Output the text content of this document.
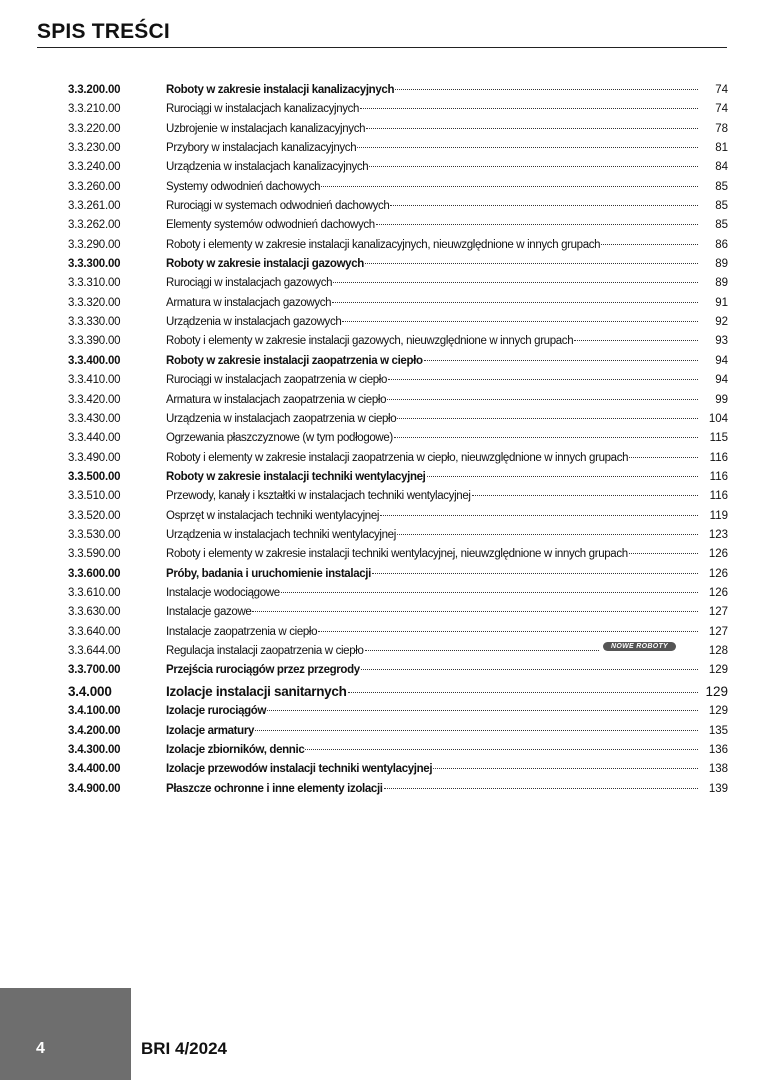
SPIS TREŚCI
3.3.200.00	Roboty w zakresie instalacji kanalizacyjnych	74
3.3.210.00	Rurociągi w instalacjach kanalizacyjnych	74
3.3.220.00	Uzbrojenie w instalacjach kanalizacyjnych	78
3.3.230.00	Przybory w instalacjach kanalizacyjnych	81
3.3.240.00	Urządzenia w instalacjach kanalizacyjnych	84
3.3.260.00	Systemy odwodnień dachowych	85
3.3.261.00	Rurociągi w systemach odwodnień dachowych	85
3.3.262.00	Elementy systemów odwodnień dachowych	85
3.3.290.00	Roboty i elementy w zakresie instalacji kanalizacyjnych, nieuwzględnione w innych grupach	86
3.3.300.00	Roboty w zakresie instalacji gazowych	89
3.3.310.00	Rurociągi w instalacjach gazowych	89
3.3.320.00	Armatura w instalacjach gazowych	91
3.3.330.00	Urządzenia w instalacjach gazowych	92
3.3.390.00	Roboty i elementy w zakresie instalacji gazowych, nieuwzględnione w innych grupach	93
3.3.400.00	Roboty w zakresie instalacji zaopatrzenia w ciepło	94
3.3.410.00	Rurociągi w instalacjach zaopatrzenia w ciepło	94
3.3.420.00	Armatura w instalacjach zaopatrzenia w ciepło	99
3.3.430.00	Urządzenia w instalacjach zaopatrzenia w ciepło	104
3.3.440.00	Ogrzewania płaszczyznowe (w tym podłogowe)	115
3.3.490.00	Roboty i elementy w zakresie instalacji zaopatrzenia w ciepło, nieuwzględnione w innych grupach	116
3.3.500.00	Roboty w zakresie instalacji techniki wentylacyjnej	116
3.3.510.00	Przewody, kanały i kształtki w instalacjach techniki wentylacyjnej	116
3.3.520.00	Osprzęt w instalacjach techniki wentylacyjnej	119
3.3.530.00	Urządzenia w instalacjach techniki wentylacyjnej	123
3.3.590.00	Roboty i elementy w zakresie instalacji techniki wentylacyjnej, nieuwzględnione w innych grupach	126
3.3.600.00	Próby, badania i uruchomienie instalacji	126
3.3.610.00	Instalacje wodociągowe	126
3.3.630.00	Instalacje gazowe	127
3.3.640.00	Instalacje zaopatrzenia w ciepło	127
3.3.644.00	Regulacja instalacji zaopatrzenia w ciepło	NOWE ROBOTY	128
3.3.700.00	Przejścia rurociągów przez przegrody	129
3.4.000	Izolacje instalacji sanitarnych	129
3.4.100.00	Izolacje rurociągów	129
3.4.200.00	Izolacje armatury	135
3.4.300.00	Izolacje zbiorników, dennic	136
3.4.400.00	Izolacje przewodów instalacji techniki wentylacyjnej	138
3.4.900.00	Płaszcze ochronne i inne elementy izolacji	139
4	BRI 4/2024
